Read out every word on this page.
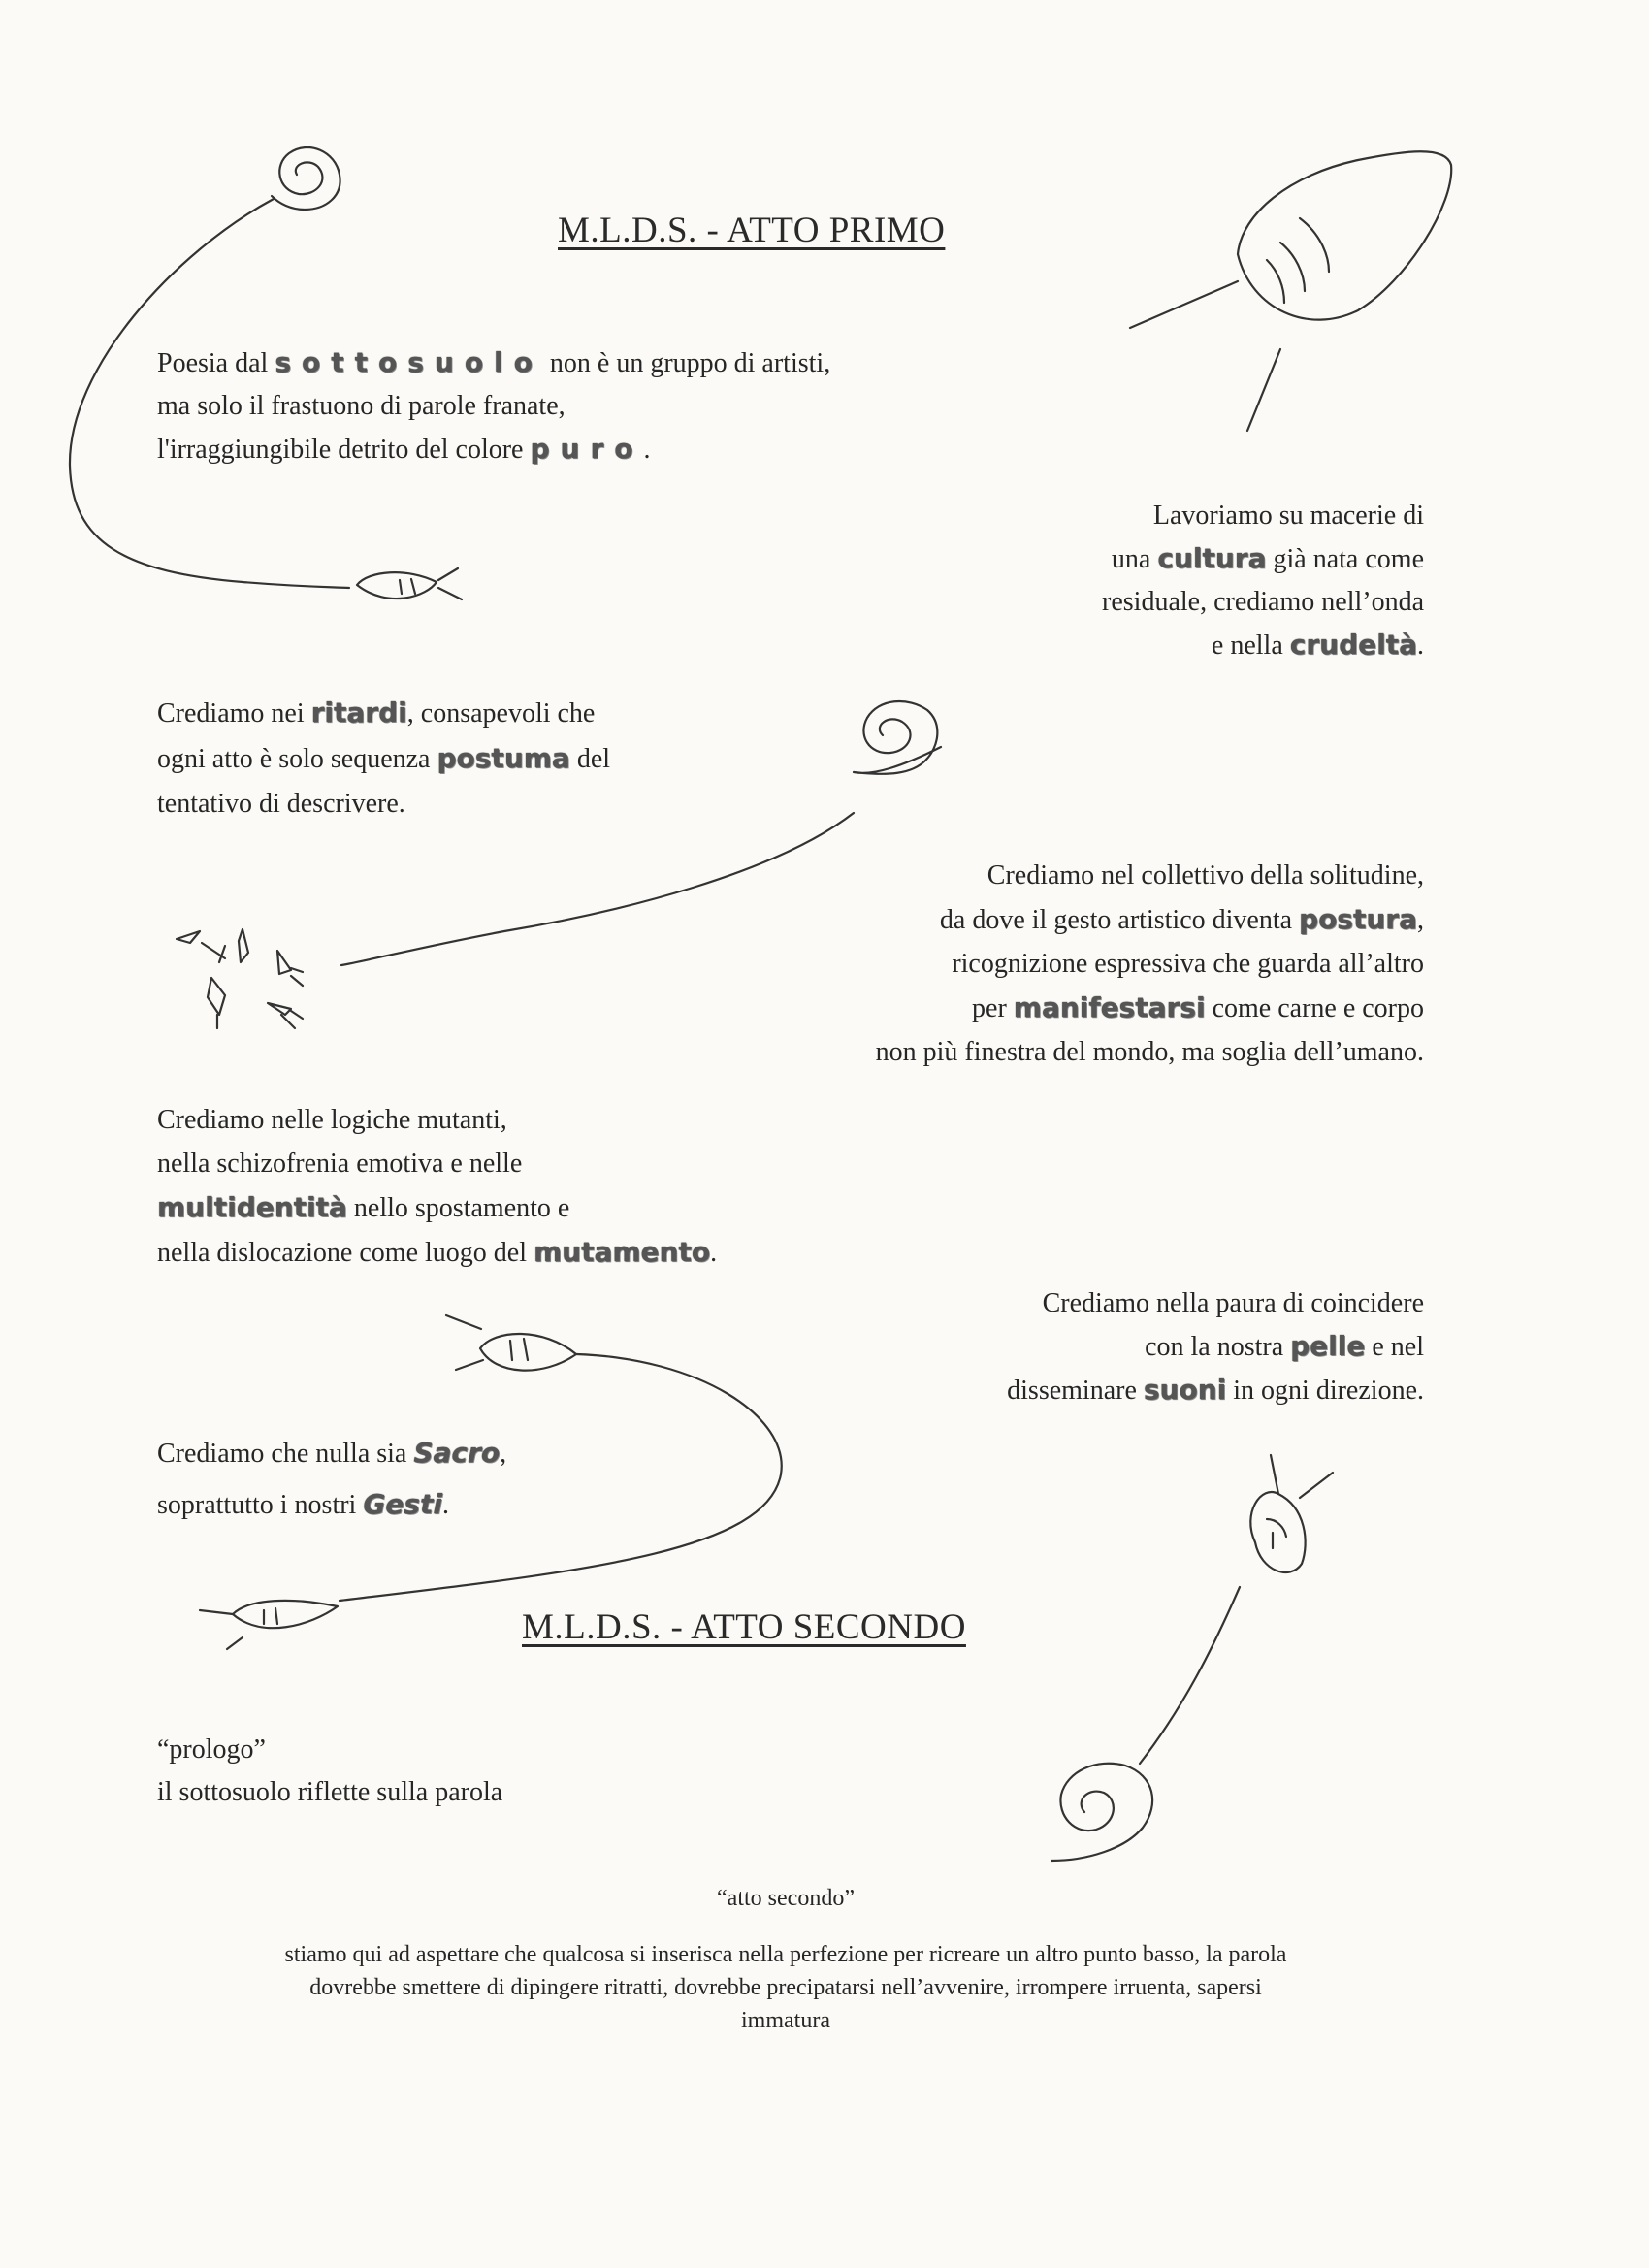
M.L.D.S. - ATTO PRIMO
Poesia dal sottosuolo non è un gruppo di artisti,
ma solo il frastuono di parole franate,
l'irraggiungibile detrito del colore puro.
Lavoriamo su macerie di
una cultura già nata come
residuale, crediamo nell’onda
e nella crudeltà.
Crediamo nei ritardi, consapevoli che
ogni atto è solo sequenza postuma del
tentativo di descrivere.
Crediamo nel collettivo della solitudine,
da dove il gesto artistico diventa postura,
ricognizione espressiva che guarda all’altro
per manifestarsi come carne e corpo
non più finestra del mondo, ma soglia dell’umano.
Crediamo nelle logiche mutanti,
nella schizofrenia emotiva e nelle
multidentità nello spostamento e
nella dislocazione come luogo del mutamento.
Crediamo nella paura di coincidere
con la nostra pelle e nel
disseminare suoni in ogni direzione.
Crediamo che nulla sia Sacro,
soprattutto i nostri Gesti.
M.L.D.S. - ATTO SECONDO
“prologo”
il sottosuolo riflette sulla parola
“atto secondo”
stiamo qui ad aspettare che qualcosa si inserisca nella perfezione per ricreare un altro punto basso, la parola
dovrebbe smettere di dipingere ritratti, dovrebbe precipatarsi nell’avvenire, irrompere irruenta, sapersi
immatura
